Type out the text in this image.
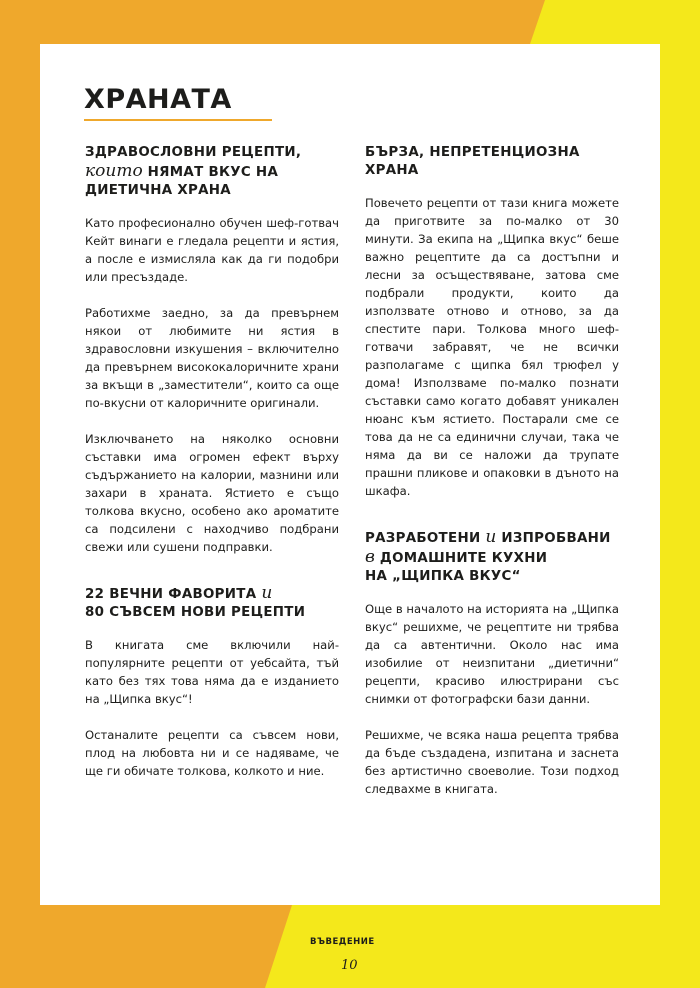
ХРАНАТА
ЗДРАВОСЛОВНИ РЕЦЕПТИ,
които НЯМАТ ВКУС НА
ДИЕТИЧНА ХРАНА

Като професионално обучен шеф-готвач Кейт винаги е гледала рецепти и ястия, а после е измисляла как да ги подобри или пресъздаде.

Работихме заедно, за да превърнем някои от любимите ни ястия в здравословни изкушения – включително да превърнем висококалоричните храни за вкъщи в „заместители“, които са още по-вкусни от калоричните оригинали.

Изключването на няколко основни съставки има огромен ефект върху съдържанието на калории, мазнини или захари в храната. Ястието е също толкова вкусно, особено ако ароматите са подсилени с находчиво подбрани свежи или сушени подправки.

22 ВЕЧНИ ФАВОРИТА и
80 СЪВСЕМ НОВИ РЕЦЕПТИ

В книгата сме включили най-популярните рецепти от уебсайта, тъй като без тях това няма да е изданието на „Щипка вкус“!

Останалите рецепти са съвсем нови, плод на любовта ни и се надяваме, че ще ги обичате толкова, колкото и ние.

БЪРЗА, НЕПРЕТЕНЦИОЗНА
ХРАНА

Повечето рецепти от тази книга можете да приготвите за по-малко от 30 минути. За екипа на „Щипка вкус“ беше важно рецептите да са достъпни и лесни за осъществяване, затова сме подбрали продукти, които да използвате отново и отново, за да спестите пари. Толкова много шеф-готвачи забравят, че не всички разполагаме с щипка бял трюфел у дома! Използваме по-малко познати съставки само когато добавят уникален нюанс към ястието. Постарали сме се това да не са единични случаи, така че няма да ви се наложи да трупате прашни пликове и опаковки в дъното на шкафа.

РАЗРАБОТЕНИ и ИЗПРОБВАНИ
в ДОМАШНИТЕ КУХНИ
НА „ЩИПКА ВКУС“

Още в началото на историята на „Щипка вкус“ решихме, че рецептите ни трябва да са автентични. Около нас има изобилие от неизпитани „диетични“ рецепти, красиво илюстрирани със снимки от фотографски бази данни.

Решихме, че всяка наша рецепта трябва да бъде създадена, изпитана и заснета без артистично своеволие. Този подход следвахме в книгата.

ВЪВЕДЕНИЕ
10
